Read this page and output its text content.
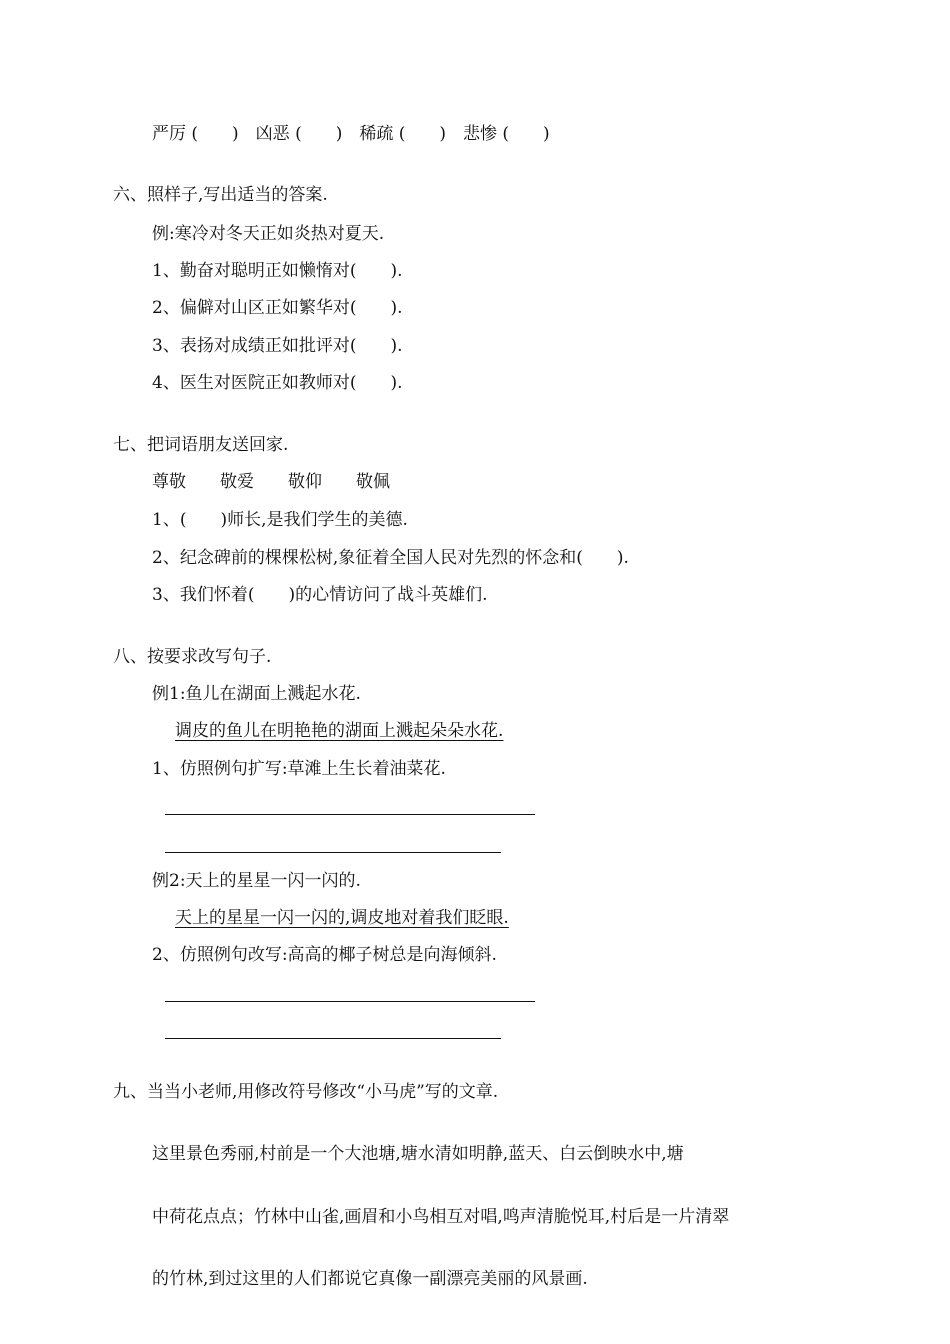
严厉 (　　)　凶恶 (　　)　稀疏 (　　)　悲惨 (　　)
六、照样子,写出适当的答案.
例:寒冷对冬天正如炎热对夏天.
1、勤奋对聪明正如懒惰对(　　).
2、偏僻对山区正如繁华对(　　).
3、表扬对成绩正如批评对(　　).
4、医生对医院正如教师对(　　).
七、把词语朋友送回家.
尊敬　　敬爱　　敬仰　　敬佩
1、(　　)师长,是我们学生的美德.
2、纪念碑前的棵棵松树,象征着全国人民对先烈的怀念和(　　).
3、我们怀着(　　)的心情访问了战斗英雄们.
八、按要求改写句子.
例1:鱼儿在湖面上溅起水花.
调皮的鱼儿在明艳艳的湖面上溅起朵朵水花.
1、仿照例句扩写:草滩上生长着油菜花.
例2:天上的星星一闪一闪的.
天上的星星一闪一闪的,调皮地对着我们眨眼.
2、仿照例句改写:高高的椰子树总是向海倾斜.
九、当当小老师,用修改符号修改“小马虎”写的文章.
这里景色秀丽,村前是一个大池塘,塘水清如明静,蓝天、白云倒映水中,塘
中荷花点点；竹林中山雀,画眉和小鸟相互对唱,鸣声清脆悦耳,村后是一片清翠
的竹林,到过这里的人们都说它真像一副漂亮美丽的风景画.
